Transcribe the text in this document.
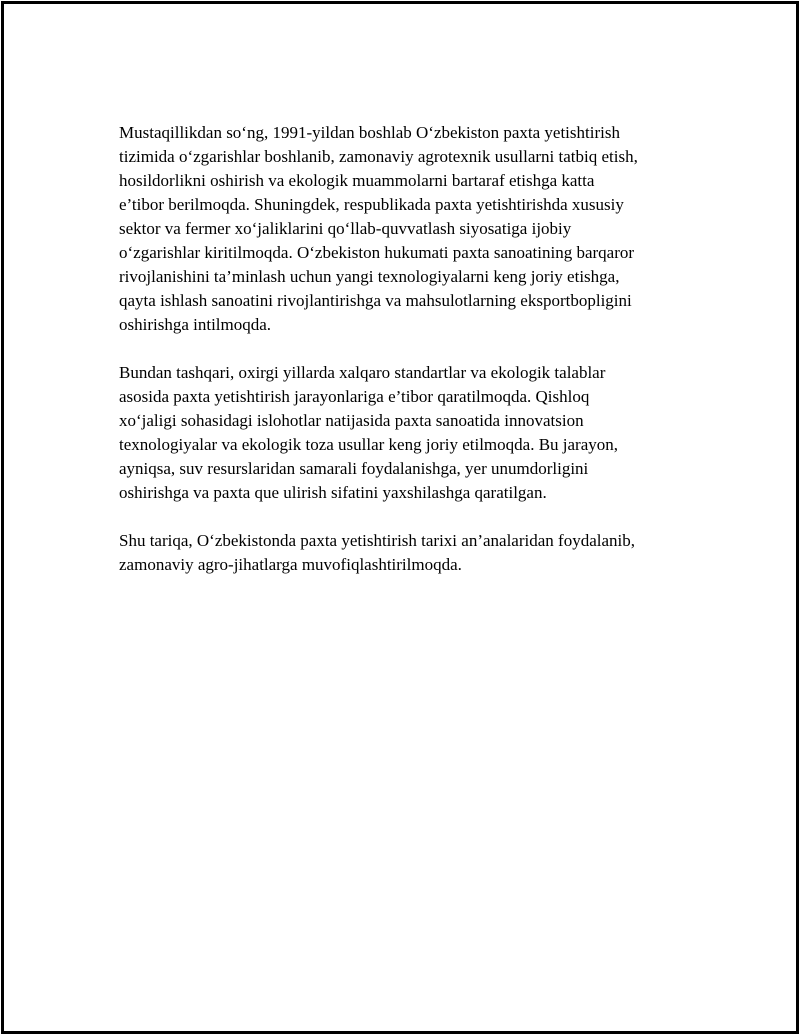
Mustaqillikdan so‘ng, 1991-yildan boshlab O‘zbekiston paxta yetishtirish
tizimida o‘zgarishlar boshlanib, zamonaviy agrotexnik usullarni tatbiq etish,
hosildorlikni oshirish va ekologik muammolarni bartaraf etishga katta
e’tibor berilmoqda. Shuningdek, respublikada paxta yetishtirishda xususiy
sektor va fermer xo‘jaliklarini qo‘llab-quvvatlash siyosatiga ijobiy
o‘zgarishlar kiritilmoqda. O‘zbekiston hukumati paxta sanoatining barqaror
rivojlanishini ta’minlash uchun yangi texnologiyalarni keng joriy etishga,
qayta ishlash sanoatini rivojlantirishga va mahsulotlarning eksportbopligini
oshirishga intilmoqda.

Bundan tashqari, oxirgi yillarda xalqaro standartlar va ekologik talablar
asosida paxta yetishtirish jarayonlariga e’tibor qaratilmoqda. Qishloq
xo‘jaligi sohasidagi islohotlar natijasida paxta sanoatida innovatsion
texnologiyalar va ekologik toza usullar keng joriy etilmoqda. Bu jarayon,
ayniqsa, suv resurslaridan samarali foydalanishga, yer unumdorligini
oshirishga va paxta que ulirish sifatini yaxshilashga qaratilgan.

Shu tariqa, O‘zbekistonda paxta yetishtirish tarixi an’analaridan foydalanib,
zamonaviy agro-jihatlarga muvofiqlashtirilmoqda.
